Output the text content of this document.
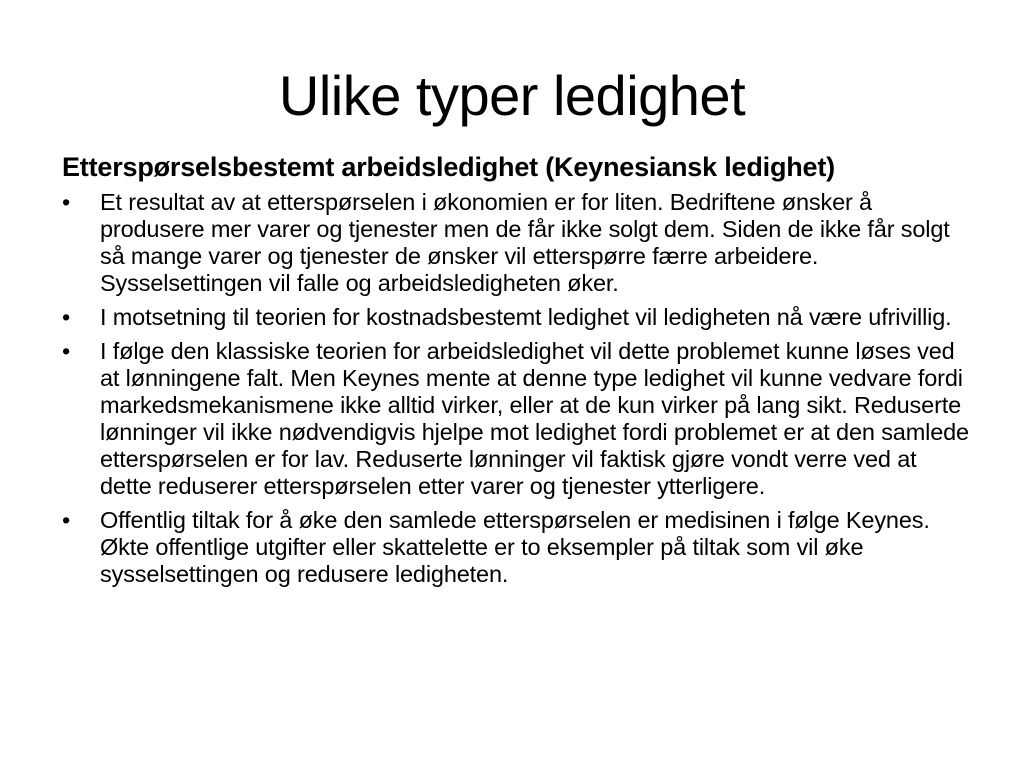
Ulike typer ledighet

Etterspørselsbestemt arbeidsledighet (Keynesiansk ledighet)

•	Et resultat av at etterspørselen i økonomien er for liten. Bedriftene ønsker å produsere mer varer og tjenester men de får ikke solgt dem. Siden de ikke får solgt så mange varer og tjenester de ønsker vil etterspørre færre arbeidere. Sysselsettingen vil falle og arbeidsledigheten øker.
•	I motsetning til teorien for kostnadsbestemt ledighet vil ledigheten nå være ufrivillig.
•	I følge den klassiske teorien for arbeidsledighet vil dette problemet kunne løses ved at lønningene falt. Men Keynes mente at denne type ledighet vil kunne vedvare fordi markedsmekanismene ikke alltid virker, eller at de kun virker på lang sikt. Reduserte lønninger vil ikke nødvendigvis hjelpe mot ledighet fordi problemet er at den samlede etterspørselen er for lav. Reduserte lønninger vil faktisk gjøre vondt verre ved at dette reduserer etterspørselen etter varer og tjenester ytterligere.
•	Offentlig tiltak for å øke den samlede etterspørselen er medisinen i følge Keynes. Økte offentlige utgifter eller skattelette er to eksempler på tiltak som vil øke sysselsettingen og redusere ledigheten.
